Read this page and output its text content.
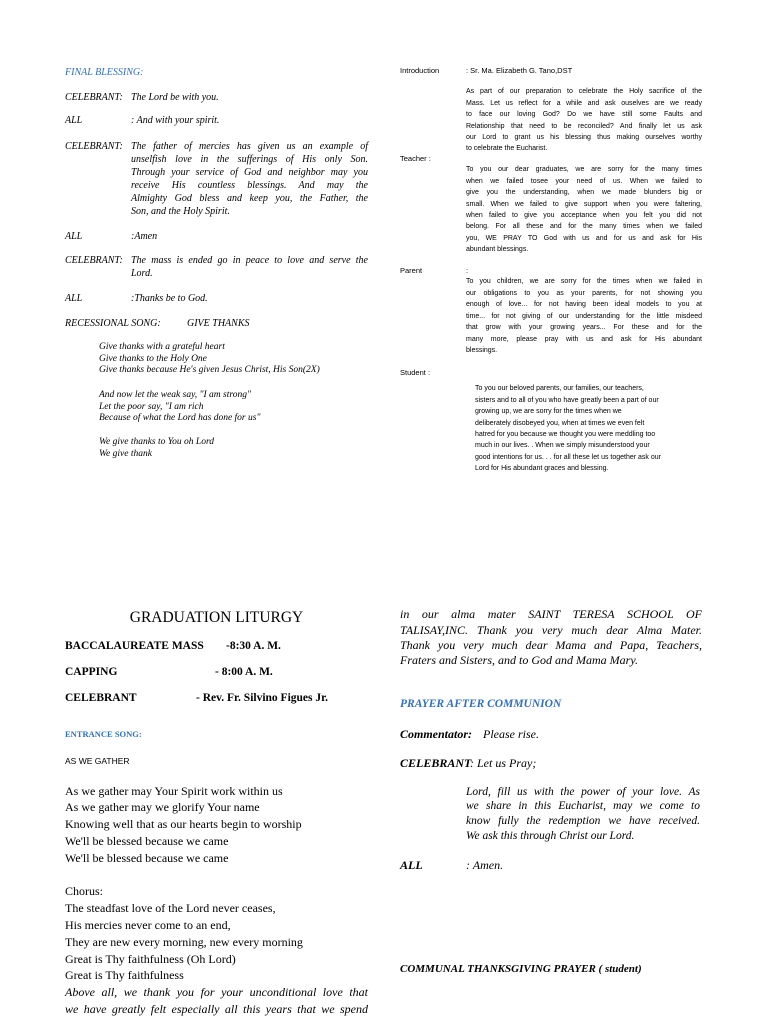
FINAL BLESSING:
CELEBRANT: The Lord be with you.
ALL	: And with your spirit.
CELEBRANT: The father of mercies has given us an example of
unselfish love in the sufferings of His only Son.
Through your service of God and neighbor may you
receive His countless blessings. And may the
Almighty God bless and keep you, the Father, the
Son, and the Holy Spirit.
ALL	:Amen
CELEBRANT: The mass is ended go in peace to love and serve the
Lord.
ALL	:Thanks be to God.
RECESSIONAL SONG:	GIVE THANKS
Give thanks with a grateful heart
Give thanks to the Holy One
Give thanks because He's given Jesus Christ, His Son(2X)
And now let the weak say, "I am strong"
Let the poor say, "I am rich
Because of what the Lord has done for us"
We give thanks to You oh Lord
We give thank
Introduction	: Sr. Ma. Elizabeth G. Tano,DST
As part of our preparation to celebrate the Holy sacrifice of the
Mass. Let us reflect for a while and ask ouselves are we ready
to face our loving God? Do we have still some Faults and
Relationship that need to be reconciled? And finally let us ask
our Lord to grant us his blessing thus making ourselves worthy
to celebrate the Eucharist.
Teacher :
To you our dear graduates, we are sorry for the many times
when we failed tosee your need of us. When we failed to
give you the understanding, when we made blunders big or
small. When we failed to give support when you were faltering,
when failed to give you acceptance when you felt you did not
belong. For all these and for the many times when we failed
you, WE PRAY TO God with us and for us and ask for His
abundant blessings.
Parent	:
To you children, we are sorry for the times when we failed in
our obligations to you as your parents, for not showing you
enough of love... for not having been ideal models to you at
time... for not giving of our understanding for the little misdeed
that grow with your growing years... For these and for the
many more, please pray with us and ask for His abundant
blessings.
Student :
To you our beloved parents, our families, our teachers,
sisters and to all of you who have greatly been a part of our
growing up, we are sorry for the times when we
deliberately disobeyed you, when at times we even felt
hatred for you because we thought you were meddling too
much in our lives. . When we simply misunderstood your
good intentions for us. . . for all these let us together ask our
Lord for His abundant graces and blessing.
GRADUATION LITURGY
BACCALAUREATE MASS -8:30 A. M.
CAPPING	- 8:00 A. M.
CELEBRANT	- Rev. Fr. Silvino Figues Jr.
ENTRANCE SONG:
AS WE GATHER
As we gather may Your Spirit work within us
As we gather may we glorify Your name
Knowing well that as our hearts begin to worship
We'll be blessed because we came
We'll be blessed because we came
Chorus:
The steadfast love of the Lord never ceases,
His mercies never come to an end,
They are new every morning, new every morning
Great is Thy faithfulness (Oh Lord)
Great is Thy faithfulness
Above all, we thank you for your unconditional love that
we have greatly felt especially all this years that we spend
in our alma mater SAINT TERESA SCHOOL OF
TALISAY,INC. Thank you very much dear Alma Mater.
Thank you very much dear Mama and Papa, Teachers,
Fraters and Sisters, and to God and Mama Mary.
PRAYER AFTER COMMUNION
Commentator: Please rise.
CELEBRANT
: Let us Pray;
Lord, fill us with the power of your love. As
we share in this Eucharist, may we come to
know fully the redemption we have received.
We ask this through Christ our Lord.
ALL	: Amen.
COMMUNAL THANKSGIVING PRAYER ( student)
